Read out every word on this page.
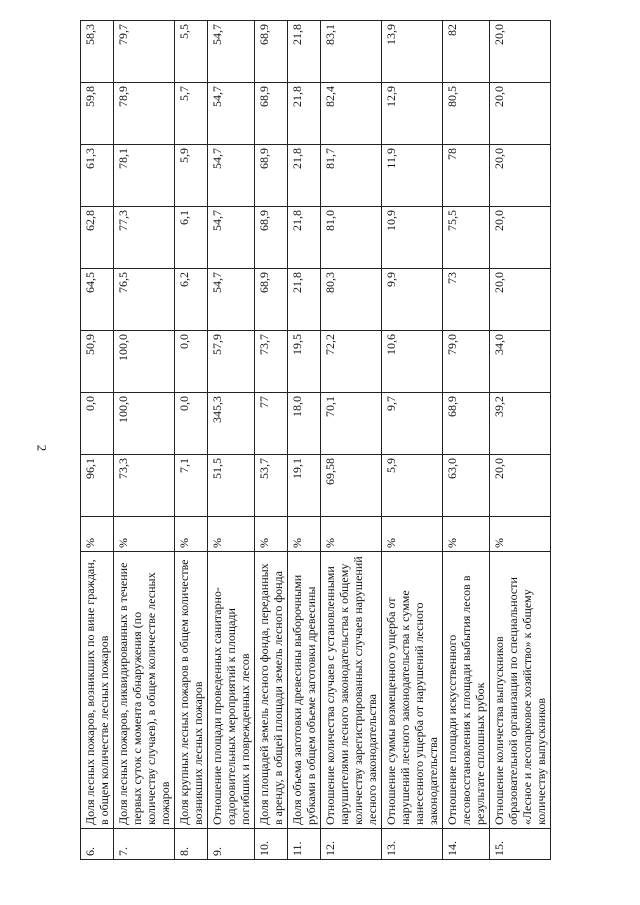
2
6.	Доля лесных пожаров, возникших по вине граждан, в общем количестве лесных пожаров	%	96,1	0,0	50,9	64,5	62,8	61,3	59,8	58,3
7.	Доля лесных пожаров, ликвидированных в течение первых суток с момента обнаружения (по количеству случаев), в общем количестве лесных пожаров	%	73,3	100,0	100,0	76,5	77,3	78,1	78,9	79,7
8.	Доля крупных лесных пожаров в общем количестве возникших лесных пожаров	%	7,1	0,0	0,0	6,2	6,1	5,9	5,7	5,5
9.	Отношение площади проведенных санитарно-оздоровительных мероприятий к площади погибших и поврежденных лесов	%	51,5	345,3	57,9	54,7	54,7	54,7	54,7	54,7
10.	Доля площадей земель лесного фонда, переданных в аренду, в общей площади земель лесного фонда	%	53,7	77	73,7	68,9	68,9	68,9	68,9	68,9
11.	Доля объема заготовки древесины выборочными рубками в общем объеме заготовки древесины	%	19,1	18,0	19,5	21,8	21,8	21,8	21,8	21,8
12.	Отношение количества случаев с установленными нарушителями лесного законодательства к общему количеству зарегистрированных случаев нарушений лесного законодательства	%	69,58	70,1	72,2	80,3	81,0	81,7	82,4	83,1
13.	Отношение суммы возмещенного ущерба от нарушений лесного законодательства к сумме нанесенного ущерба от нарушений лесного законодательства	%	5,9	9,7	10,6	9,9	10,9	11,9	12,9	13,9
14.	Отношение площади искусственного лесовосстановления к площади выбытия лесов в результате сплошных рубок	%	63,0	68,9	79,0	73	75,5	78	80,5	82
15.	Отношение количества выпускников образовательной организации по специальности «Лесное и лесопарковое хозяйство» к общему количеству выпускников	%	20,0	39,2	34,0	20,0	20,0	20,0	20,0	20,0
